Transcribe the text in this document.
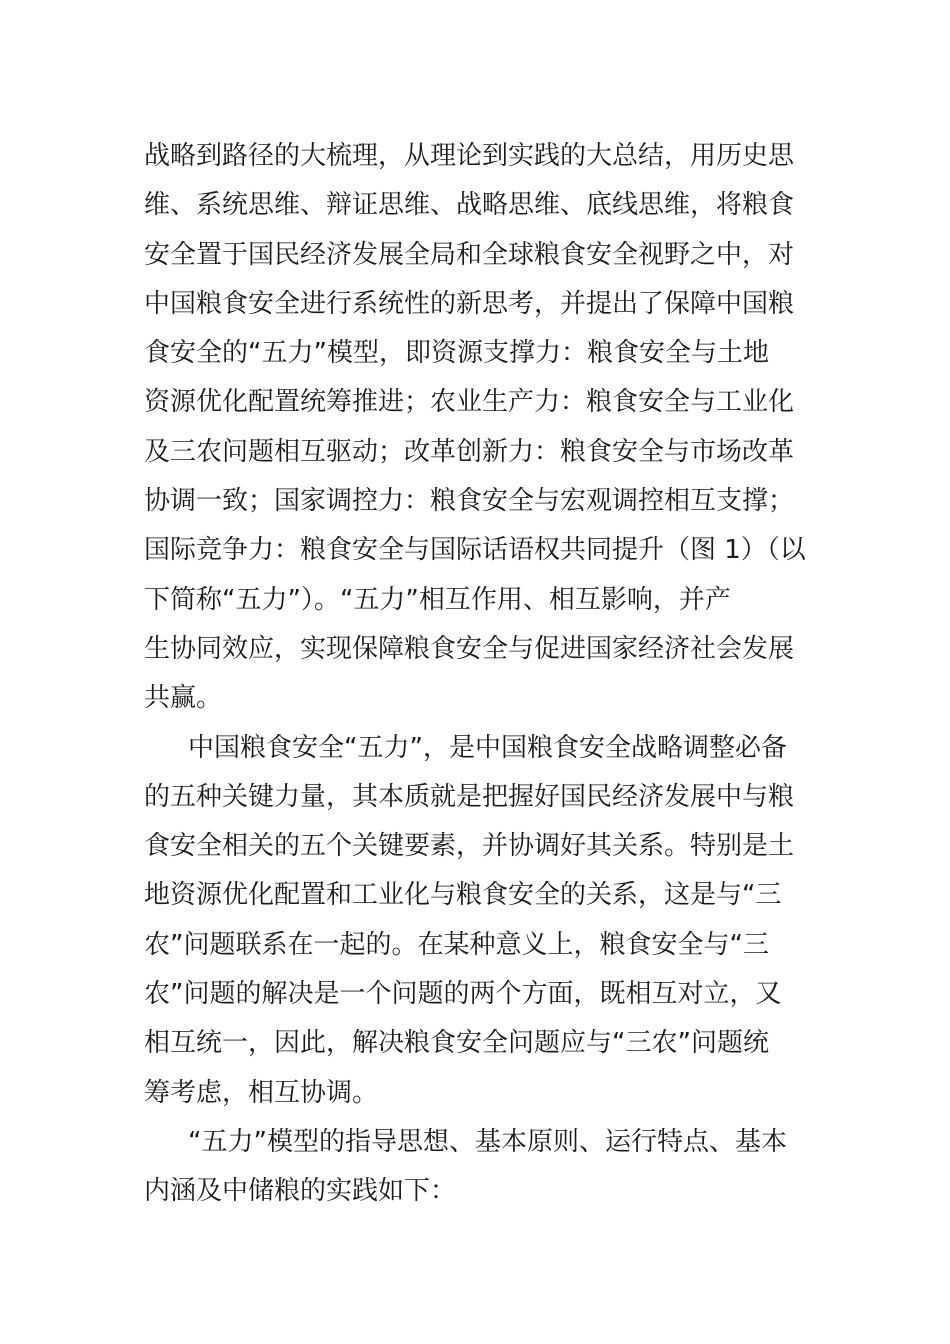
战略到路径的大梳理，从理论到实践的大总结，用历史思
维、系统思维、辩证思维、战略思维、底线思维，将粮食
安全置于国民经济发展全局和全球粮食安全视野之中，对
中国粮食安全进行系统性的新思考，并提出了保障中国粮
食安全的“五力”模型，即资源支撑力：粮食安全与土地
资源优化配置统筹推进；农业生产力：粮食安全与工业化
及三农问题相互驱动；改革创新力：粮食安全与市场改革
协调一致；国家调控力：粮食安全与宏观调控相互支撑；
国际竞争力：粮食安全与国际话语权共同提升（图 1）（以
下简称“五力”）。“五力”相互作用、相互影响，并产
生协同效应，实现保障粮食安全与促进国家经济社会发展
共赢。
中国粮食安全“五力”，是中国粮食安全战略调整必备
的五种关键力量，其本质就是把握好国民经济发展中与粮
食安全相关的五个关键要素，并协调好其关系。特别是土
地资源优化配置和工业化与粮食安全的关系，这是与“三
农”问题联系在一起的。在某种意义上，粮食安全与“三
农”问题的解决是一个问题的两个方面，既相互对立，又
相互统一，因此，解决粮食安全问题应与“三农”问题统
筹考虑，相互协调。
“五力”模型的指导思想、基本原则、运行特点、基本
内涵及中储粮的实践如下：
